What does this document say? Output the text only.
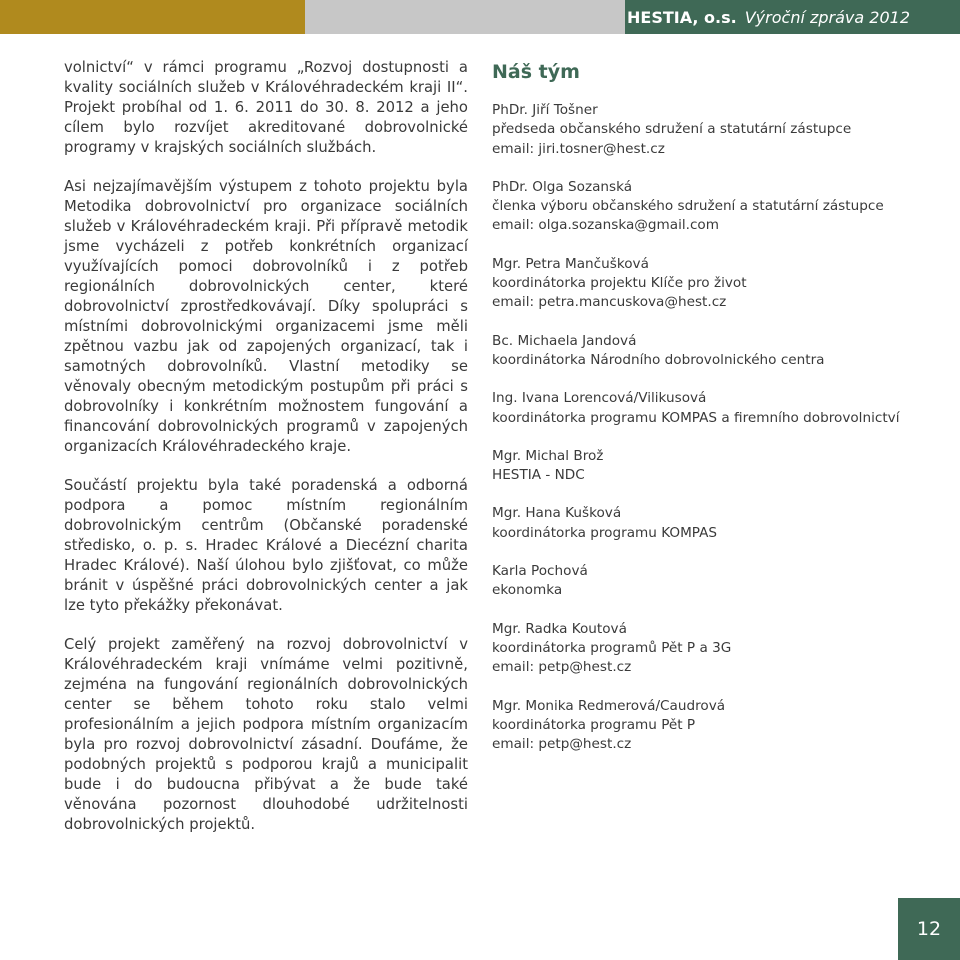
HESTIA, o.s. Výroční zpráva 2012

volnictví“ v rámci programu „Rozvoj dostupnosti a kvality sociálních služeb v Královéhradeckém kraji II“. Projekt probíhal od 1. 6. 2011 do 30. 8. 2012 a jeho cílem bylo rozvíjet akreditované dobrovolnické programy v krajských sociálních službách.

Asi nejzajímavějším výstupem z tohoto projektu byla Metodika dobrovolnictví pro organizace sociálních služeb v Královéhradeckém kraji. Při přípravě metodik jsme vycházeli z potřeb konkrétních organizací využívajících pomoci dobrovolníků i z potřeb regionálních dobrovolnických center, které dobrovolnictví zprostředkovávají. Díky spolupráci s místními dobrovolnickými organizacemi jsme měli zpětnou vazbu jak od zapojených organizací, tak i samotných dobrovolníků. Vlastní metodiky se věnovaly obecným metodickým postupům při práci s dobrovolníky i konkrétním možnostem fungování a financování dobrovolnických programů v zapojených organizacích Královéhradeckého kraje.

Součástí projektu byla také poradenská a odborná podpora a pomoc místním regionálním dobrovolnickým centrům (Občanské poradenské středisko, o. p. s. Hradec Králové a Diecézní charita Hradec Králové). Naší úlohou bylo zjišťovat, co může bránit v úspěšné práci dobrovolnických center a jak lze tyto překážky překonávat.

Celý projekt zaměřený na rozvoj dobrovolnictví v Královéhradeckém kraji vnímáme velmi pozitivně, zejména na fungování regionálních dobrovolnických center se během tohoto roku stalo velmi profesionálním a jejich podpora místním organizacím byla pro rozvoj dobrovolnictví zásadní. Doufáme, že podobných projektů s podporou krajů a municipalit bude i do budoucna přibývat a že bude také věnována pozornost dlouhodobé udržitelnosti dobrovolnických projektů.

Náš tým
PhDr. Jiří Tošner
předseda občanského sdružení a statutární zástupce
email: jiri.tosner@hest.cz
PhDr. Olga Sozanská
členka výboru občanského sdružení a statutární zástupce
email: olga.sozanska@gmail.com
Mgr. Petra Mančušková
koordinátorka projektu Klíče pro život
email: petra.mancuskova@hest.cz
Bc. Michaela Jandová
koordinátorka Národního dobrovolnického centra
Ing. Ivana Lorencová/Vilikusová
koordinátorka programu KOMPAS a firemního dobrovolnictví
Mgr. Michal Brož
HESTIA - NDC
Mgr. Hana Kušková
koordinátorka programu KOMPAS
Karla Pochová
ekonomka
Mgr. Radka Koutová
koordinátorka programů Pět P a 3G
email: petp@hest.cz
Mgr. Monika Redmerová/Caudrová
koordinátorka programu Pět P
email: petp@hest.cz
12
